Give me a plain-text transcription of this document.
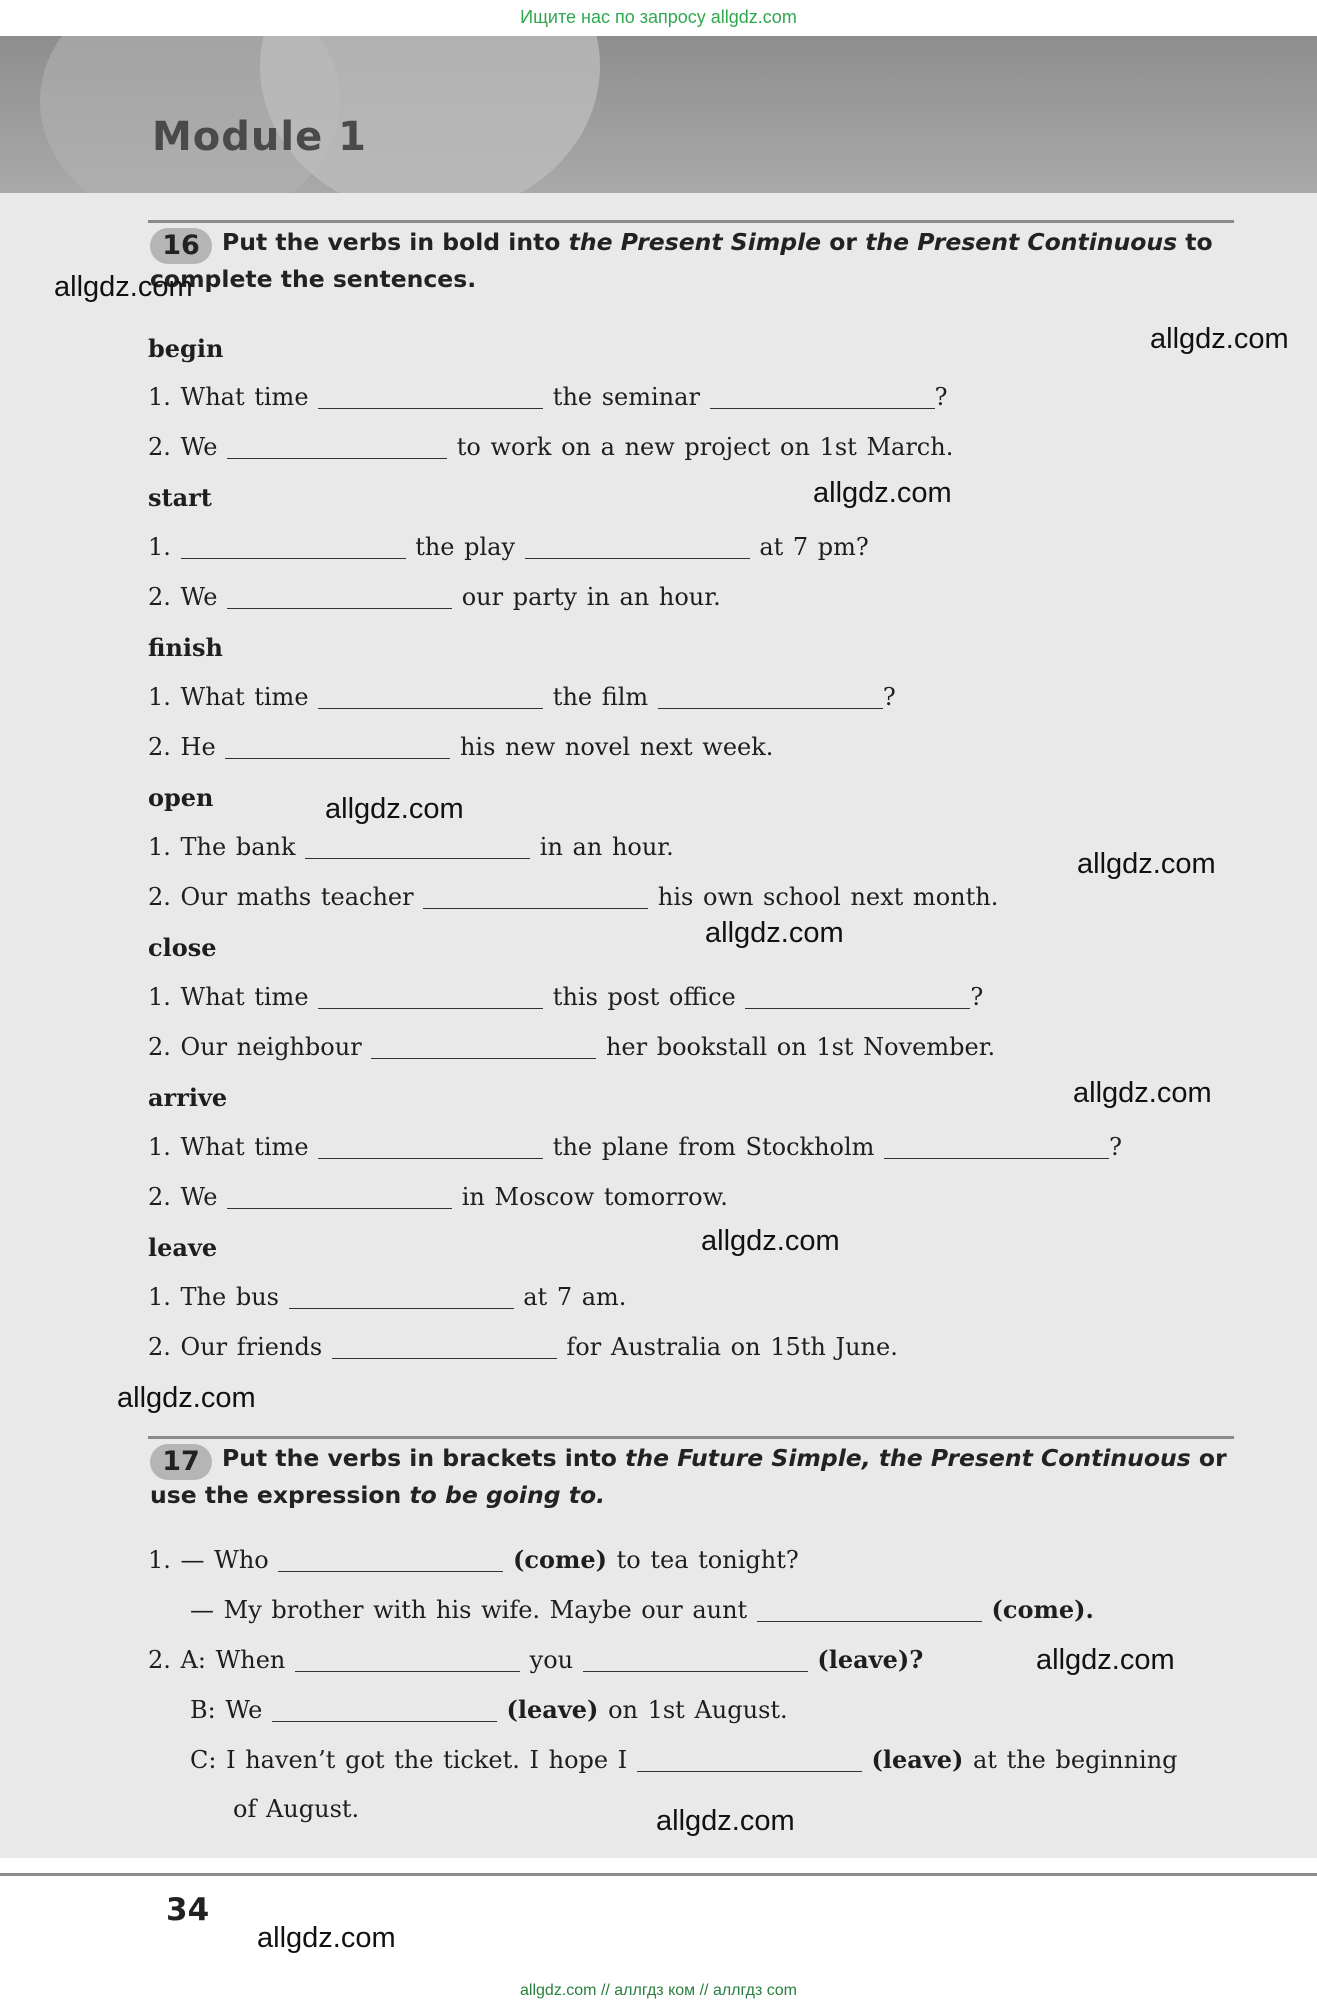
Ищите нас по запросу allgdz.com
Module 1
16 Put the verbs in bold into the Present Simple or the Present Continuous to complete the sentences.
begin
1. What time	the seminar	?
2. We	to work on a new project on 1st March.
start
1.	the play	at 7 pm?
2. We	our party in an hour.
finish
1. What time	the film	?
2. He	his new novel next week.
open
1. The bank	in an hour.
2. Our maths teacher	his own school next month.
close
1. What time	this post office	?
2. Our neighbour	her bookstall on 1st November.
arrive
1. What time	the plane from Stockholm	?
2. We	in Moscow tomorrow.
leave
1. The bus	at 7 am.
2. Our friends	for Australia on 15th June.
17 Put the verbs in brackets into the Future Simple, the Present Continuous or use the expression to be going to.
1. — Who	(come) to tea tonight?
— My brother with his wife. Maybe our aunt	(come).
2. A: When	you	(leave)?
B: We	(leave) on 1st August.
C: I haven’t got the ticket. I hope I	(leave) at the beginning
of August.
34
allgdz.com
allgdz.com
allgdz.com
allgdz.com
allgdz.com
allgdz.com
allgdz.com
allgdz.com
allgdz.com
allgdz.com
allgdz.com
allgdz.com
allgdz.com // аллгдз ком // аллгдз com
